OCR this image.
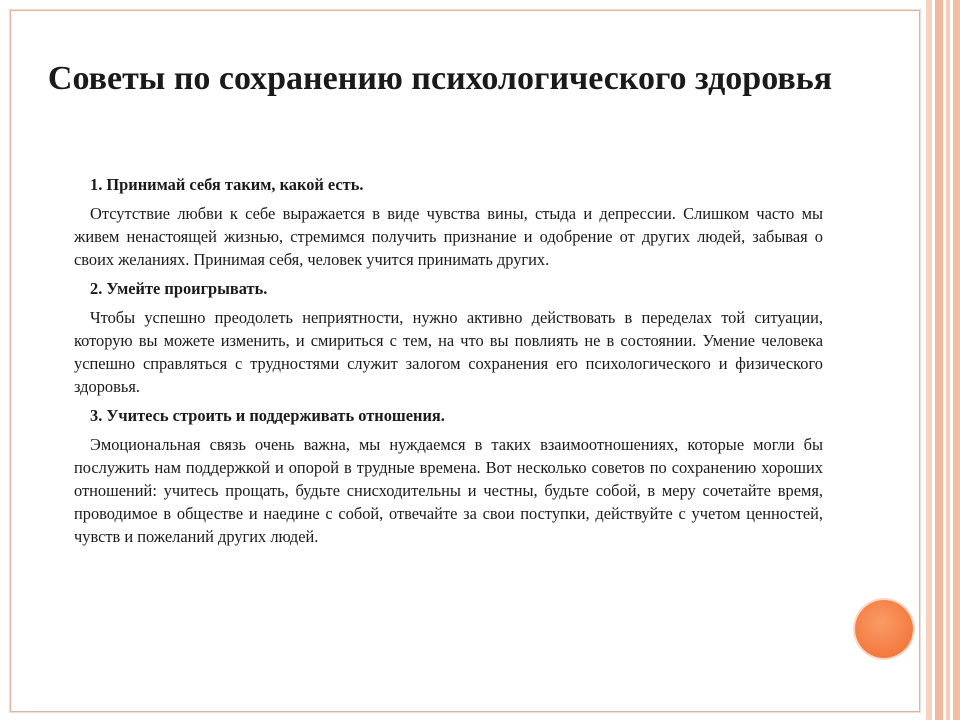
Советы по сохранению психологического здоровья

1. Принимай себя таким, какой есть.

Отсутствие любви к себе выражается в виде чувства вины, стыда и депрессии. Слишком часто мы живем ненастоящей жизнью, стремимся получить признание и одобрение от других людей, забывая о своих желаниях. Принимая себя, человек учится принимать других.

2. Умейте проигрывать.

Чтобы успешно преодолеть неприятности, нужно активно действовать в переделах той ситуации, которую вы можете изменить, и смириться с тем, на что вы повлиять не в состоянии. Умение человека успешно справляться с трудностями служит залогом сохранения его психологического и физического здоровья.

3. Учитесь строить и поддерживать отношения.

Эмоциональная связь очень важна, мы нуждаемся в таких взаимоотношениях, которые могли бы послужить нам поддержкой и опорой в трудные времена. Вот несколько советов по сохранению хороших отношений: учитесь прощать, будьте снисходительны и честны, будьте собой, в меру сочетайте время, проводимое в обществе и наедине с собой, отвечайте за свои поступки, действуйте с учетом ценностей, чувств и пожеланий других людей.
